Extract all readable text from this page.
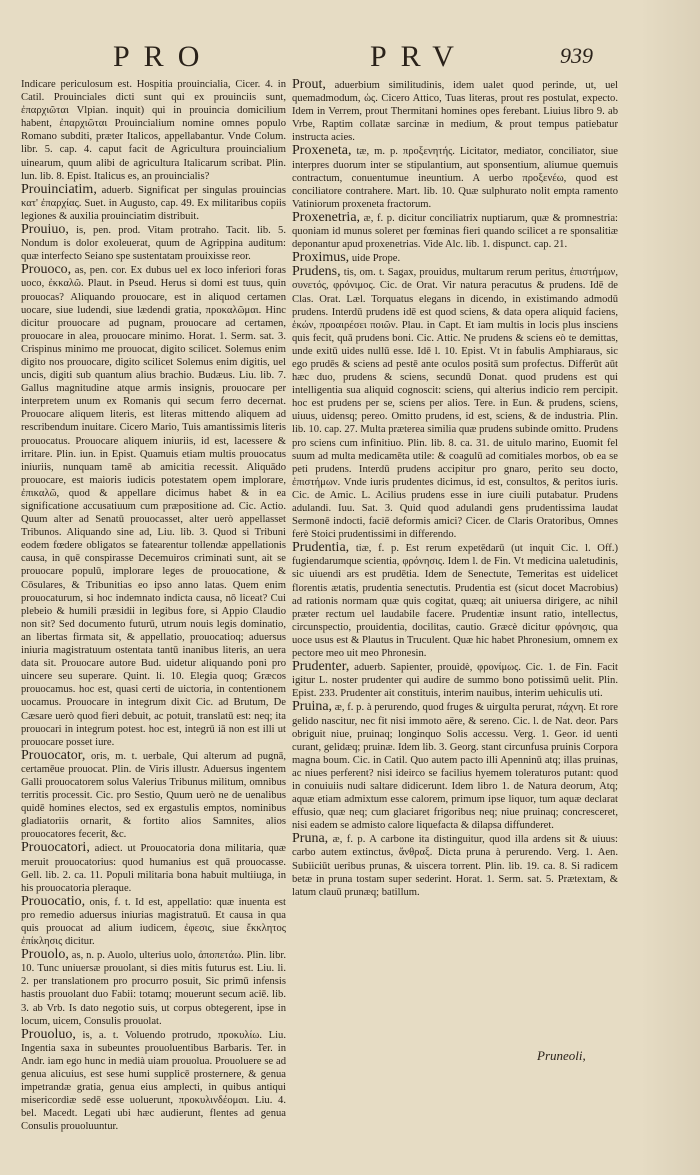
PRO	PRV	939

Indicare periculosum est. Hospitia prouincialia, Cicer. 4. in Catil. Prouinciales dicti sunt qui ex prouinciis sunt, ἐπαρχιῶται Vlpian. inquit) qui in prouincia domicilium habent, ἐπαρχιῶται Prouincialium nomine omnes populo Romano subditi, præter Italicos, appellabantur. Vnde Colum. libr. 5. cap. 4. caput facit de Agricultura prouincialium uinearum, quum alibi de agricultura Italicarum scribat. Plin. lun. lib. 8. Epist. Italicus es, an prouincialis?

Prouinciatim, aduerb. Significat per singulas prouincias κατ' ἐπαρχίας. Suet. in Augusto, cap. 49. Ex militaribus copiis legiones & auxilia prouinciatim distribuit.

Prouiuo, is, pen. prod. Vitam protraho. Tacit. lib. 5. Nondum is dolor exoleuerat, quum de Agrippina auditum: quæ interfecto Seiano spe sustentatam prouixisse reor.

Prouoco, as, pen. cor. Ex dubus uel ex loco inferiori foras uoco, ἐκκαλῶ. Plaut. in Pseud. Herus si domi est tuus, quin prouocas? Aliquando prouocare, est in aliquod certamen uocare, siue ludendi, siue lædendi gratia, προκαλῶμαι. Hinc dicitur prouocare ad pugnam, prouocare ad certamen, prouocare in alea, prouocare minimo. Horat. 1. Serm. sat. 3. Crispinus minimo me prouocat, digito scilicet. Solemus enim digito nos prouocare, digito scilicet Solemus enim digitis, uel uncis, digiti sub quantum alius brachio. Budæus. Liu. lib. 7. Gallus magnitudine atque armis insignis, prouocare per interpretem unum ex Romanis qui secum ferro decernat. Prouocare aliquem literis, est literas mittendo aliquem ad rescribendum inuitare. Cicero Mario, Tuis amantissimis literis prouocatus. Prouocare aliquem iniuriis, id est, lacessere & irritare. Plin. iun. in Epist. Quamuis etiam multis prouocatus iniuriis, nunquam tamē ab amicitia recessit. Aliquādo prouocare, est maioris iudicis potestatem opem implorare, ἐπικαλῶ, quod & appellare dicimus habet & in ea significatione accusatiuum cum præpositione ad. Cic. Actio. Quum alter ad Senatū prouocasset, alter uerò appellasset Tribunos. Aliquando sine ad, Liu. lib. 3. Quod si Tribuni eodem fœdere obligatos se fatearentur tollendæ appellationis causa, in quē conspirasse Decemuiros criminati sunt, ait se prouocare populū, implorare leges de prouocatione, & Cōsulares, & Tribunitias eo ipso anno latas. Quem enim prouocaturum, si hoc indemnato indicta causa, nō liceat? Cui plebeio & humili præsidii in legibus fore, si Appio Claudio non sit? Sed documento futurū, utrum nouis legis dominatio, an libertas firmata sit, & appellatio, prouocatioq; aduersus iniuria magistratuum ostentata tantū inanibus literis, an uera data sit. Prouocare autore Bud. uidetur aliquando poni pro uincere seu superare. Quint. li. 10. Elegia quoq; Græcos prouocamus. hoc est, quasi certi de uictoria, in contentionem uocamus. Prouocare in integrum dixit Cic. ad Brutum, De Cæsare uerò quod fieri debuit, ac potuit, translatū est: neq; ita prouocari in integrum potest. hoc est, integrū iā non est illi ut prouocare posset iure.

Prouocator, oris, m. t. uerbale, Qui alterum ad pugnā, certamēue prouocat. Plin. de Viris illustr. Aduersus ingentem Galli prouocatorem solus Valerius Tribunus militum, omnibus territis processit. Cic. pro Sestio, Quum uerò ne de uenalibus quidē homines electos, sed ex ergastulis emptos, nominibus gladiatoriis ornarit, & fortito alios Samnites, alios prouocatores fecerit, &c.

Prouocatori, adiect. ut Prouocatoria dona militaria, quæ meruit prouocatorius: quod humanius est quā prouocasse. Gell. lib. 2. ca. 11. Populi militaria bona habuit multiiuga, in his prouocatoria pleraque.

Prouocatio, onis, f. t. Id est, appellatio: quæ inuenta est pro remedio aduersus iniurias magistratuū. Et causa in qua quis prouocat ad alium iudicem, ἐφεσις, siue ἔκκλητος ἐπίκλησις dicitur.

Prouolo, as, n. p. Auolo, ulterius uolo, ἀποπετάω. Plin. libr. 10. Tunc uniuersæ prouolant, si dies mitis futurus est. Liu. li. 2. per translationem pro procurro posuit, Sic primū infensis hastis prouolant duo Fabii: totamq; mouerunt secum aciē. lib. 3. ab Vrb. Is dato negotio suis, ut corpus obtegerent, ipse in locum, uicem, Consulis prouolat.

Prouoluo, is, a. t. Voluendo protrudo, προκυλίω. Liu. Ingentia saxa in subeuntes prouoluentibus Barbaris. Ter. in Andr. iam ego hunc in medià uiam prouolua. Prouoluere se ad genua alicuius, est sese humi supplicē prosternere, & genua impetrandæ gratia, genua eius amplecti, in quibus antiqui misericordiæ sedē esse uoluerunt, προκυλινδέομαι. Liu. 4. bel. Macedt. Legati ubi hæc audierunt, flentes ad genua Consulis prouoluuntur.

Prout, aduerbium similitudinis, idem ualet quod perinde, ut, uel quemadmodum, ὡς. Cicero Attico, Tuas literas, prout res postulat, expecto. Idem in Verrem, prout Thermitani homines opes ferebant. Liuius libro 9. ab Vrbe, Raptim collatæ sarcinæ in medium, & prout tempus patiebatur instructa acies.

Proxeneta, tæ, m. p. προξενητής. Licitator, mediator, conciliator, siue interpres duorum inter se stipulantium, aut sponsentium, aliumue quemuis contractum, conuentumue ineuntium. A uerbo προξενέω, quod est conciliatore contrahere. Mart. lib. 10. Quæ sulphurato nolit empta ramento Vatiniorum proxeneta fractorum.

Proxenetria, æ, f. p. dicitur conciliatrix nuptiarum, quæ & promnestria: quoniam id munus soleret per fœminas fieri quando scilicet a re sponsalitiæ deponantur apud proxenetrias. Vide Alc. lib. 1. dispunct. cap. 21.

Proximus, uide Prope.

Prudens, tis, om. t. Sagax, prouidus, multarum rerum peritus, ἐπιστήμων, συνετός, φρόνιμος. Cic. de Orat. Vir natura peracutus & prudens. Idē de Clas. Orat. Læl. Torquatus elegans in dicendo, in existimando admodū prudens. Interdū prudens idē est quod sciens, & data opera aliquid faciens, ἑκών, προαιρέσει ποιῶν. Plau. in Capt. Et iam multis in locis plus insciens quis fecit, quā prudens boni. Cic. Attic. Ne prudens & sciens eò te demittas, unde exitū uides nullū esse. Idē l. 10. Epist. Vt in fabulis Amphiaraus, sic ego prudēs & sciens ad pestē ante oculos positā sum profectus. Differūt aūt hæc duo, prudens & sciens, secundū Donat. quod prudens est qui intelligentia sua aliquid cognoscit: sciens, qui alterius indicio rem percipit. hoc est prudens per se, sciens per alios. Tere. in Eun. & prudens, sciens, uiuus, uidensq; pereo. Omitto prudens, id est, sciens, & de industria. Plin. lib. 10. cap. 27. Multa præterea similia quæ prudens subinde omitto. Prudens pro sciens cum infinitiuo. Plin. lib. 8. ca. 31. de uitulo marino, Euomit fel suum ad multa medicamēta utile: & coagulū ad comitiales morbos, ob ea se peti prudens. Interdū prudens accipitur pro gnaro, perito seu docto, ἐπιστήμων. Vnde iuris prudentes dicimus, id est, consultos, & peritos iuris. Cic. de Amic. L. Acilius prudens esse in iure ciuili putabatur. Prudens adulandi. Iuu. Sat. 3. Quid quod adulandi gens prudentissima laudat Sermonē indocti, faciē deformis amici? Cicer. de Claris Oratoribus, Omnes ferè Stoici prudentissimi in differendo.

Prudentia, tiæ, f. p. Est rerum expetēdarū (ut inquit Cic. l. Off.) fugiendarumque scientia, φρόνησις. Idem l. de Fin. Vt medicina ualetudinis, sic uiuendi ars est prudētia. Idem de Senectute, Temeritas est uidelicet florentis ætatis, prudentia senectutis. Prudentia est (sicut docet Macrobius) ad rationis normam quæ quis cogitat, quæq; ait uniuersa dirigere, ac nihil præter rectum uel laudabile facere. Prudentiæ insunt ratio, intellectus, circunspectio, prouidentia, docilitas, cautio. Græcè dicitur φρόνησις, qua uoce usus est & Plautus in Truculent. Quæ hic habet Phronesium, omnem ex pectore meo uit meo Phronesin.

Prudenter, aduerb. Sapienter, prouidè, φρονίμως. Cic. 1. de Fin. Facit igitur L. noster prudenter qui audire de summo bono potissimū uelit. Plin. Epist. 233. Prudenter ait constituis, interim nauibus, interim uehiculis uti.

Pruina, æ, f. p. à perurendo, quod fruges & uirgulta perurat, πάχνη. Et rore gelido nascitur, nec fit nisi immoto aëre, & sereno. Cic. l. de Nat. deor. Pars obriguit niue, pruinaq; longinquo Solis accessu. Verg. 1. Geor. id uenti curant, gelidæq; pruinæ. Idem lib. 3. Georg. stant circunfusa pruinis Corpora magna boum. Cic. in Catil. Quo autem pacto illi Apenninū atq; illas pruinas, ac niues perferent? nisi ideirco se facilius hyemem toleraturos putant: quod in conuiuiis nudi saltare didicerunt. Idem libro 1. de Natura deorum, Atq; aquæ etiam admixtum esse calorem, primum ipse liquor, tum aquæ declarat effusio, quæ neq; cum glaciaret frigoribus neq; niue pruinaq; concresceret, nisi eadem se admisto calore liquefacta & dilapsa diffunderet.

Pruna, æ, f. p. A carbone ita distinguitur, quod illa ardens sit & uiuus: carbo autem extinctus, ἄνθραξ. Dicta pruna à perurendo. Verg. 1. Aen. Subiiciūt ueribus prunas, & uiscera torrent. Plin. lib. 19. ca. 8. Si radicem betæ in pruna tostam super sederint. Horat. 1. Serm. sat. 5. Prætextam, & latum clauū prunæq; batillum.

Pruneoli,
